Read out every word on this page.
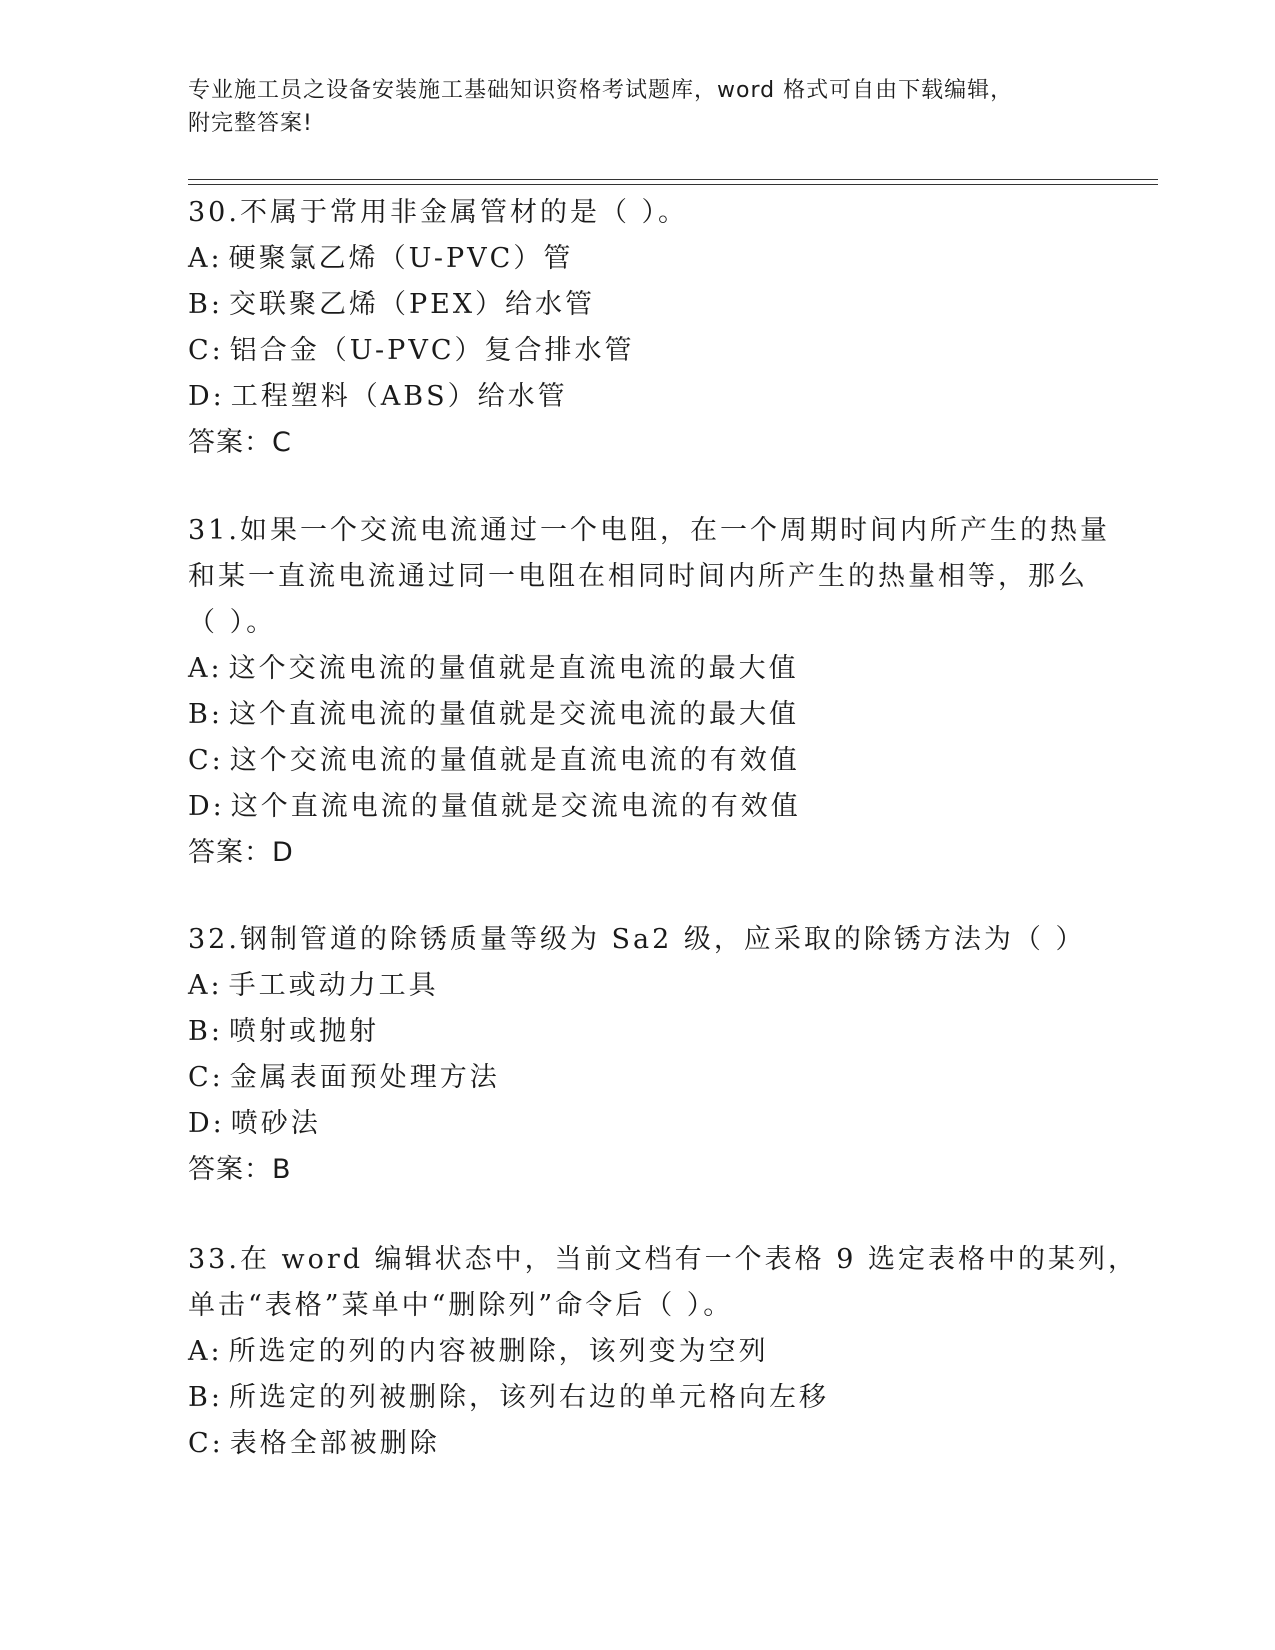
专业施工员之设备安装施工基础知识资格考试题库，word 格式可自由下载编辑，
附完整答案!
30.不属于常用非金属管材的是（ ）。
A: 硬聚氯乙烯（U-PVC）管
B: 交联聚乙烯（PEX）给水管
C: 铝合金（U-PVC）复合排水管
D: 工程塑料（ABS）给水管
答案：C
31.如果一个交流电流通过一个电阻，在一个周期时间内所产生的热量
和某一直流电流通过同一电阻在相同时间内所产生的热量相等，那么
（ ）。
A: 这个交流电流的量值就是直流电流的最大值
B: 这个直流电流的量值就是交流电流的最大值
C: 这个交流电流的量值就是直流电流的有效值
D: 这个直流电流的量值就是交流电流的有效值
答案：D
32.钢制管道的除锈质量等级为 Sa2 级，应采取的除锈方法为（ ）
A: 手工或动力工具
B: 喷射或抛射
C: 金属表面预处理方法
D: 喷砂法
答案：B
33.在 word 编辑状态中，当前文档有一个表格 9 选定表格中的某列，
单击“表格”菜单中“删除列”命令后（ ）。
A: 所选定的列的内容被删除，该列变为空列
B: 所选定的列被删除，该列右边的单元格向左移
C: 表格全部被删除
